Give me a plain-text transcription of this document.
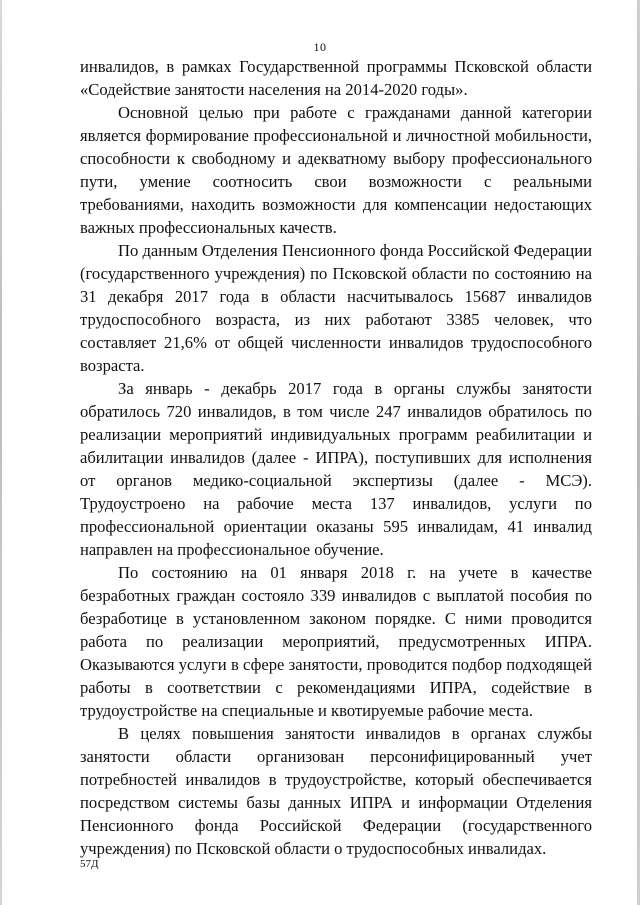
10

инвалидов, в рамках Государственной программы Псковской области «Содействие занятости населения на 2014-2020 годы».

Основной целью при работе с гражданами данной категории является формирование профессиональной и личностной мобильности, способности к свободному и адекватному выбору профессионального пути, умение соотносить свои возможности с реальными требованиями, находить возможности для компенсации недостающих важных профессиональных качеств.

По данным Отделения Пенсионного фонда Российской Федерации (государственного учреждения) по Псковской области по состоянию на 31 декабря 2017 года в области насчитывалось 15687 инвалидов трудоспособного возраста, из них работают 3385 человек, что составляет 21,6% от общей численности инвалидов трудоспособного возраста.

За январь - декабрь 2017 года в органы службы занятости обратилось 720 инвалидов, в том числе 247 инвалидов обратилось по реализации мероприятий индивидуальных программ реабилитации и абилитации инвалидов (далее - ИПРА), поступивших для исполнения от органов медико-социальной экспертизы (далее - МСЭ). Трудоустроено на рабочие места 137 инвалидов, услуги по профессиональной ориентации оказаны 595 инвалидам, 41 инвалид направлен на профессиональное обучение.

По состоянию на 01 января 2018 г. на учете в качестве безработных граждан состояло 339 инвалидов с выплатой пособия по безработице в установленном законом порядке. С ними проводится работа по реализации мероприятий, предусмотренных ИПРА. Оказываются услуги в сфере занятости, проводится подбор подходящей работы в соответствии с рекомендациями ИПРА, содействие в трудоустройстве на специальные и квотируемые рабочие места.

В целях повышения занятости инвалидов в органах службы занятости области организован персонифицированный учет потребностей инвалидов в трудоустройстве, который обеспечивается посредством системы базы данных ИПРА и информации Отделения Пенсионного фонда Российской Федерации (государственного учреждения) по Псковской области о трудоспособных инвалидах.

57Д
